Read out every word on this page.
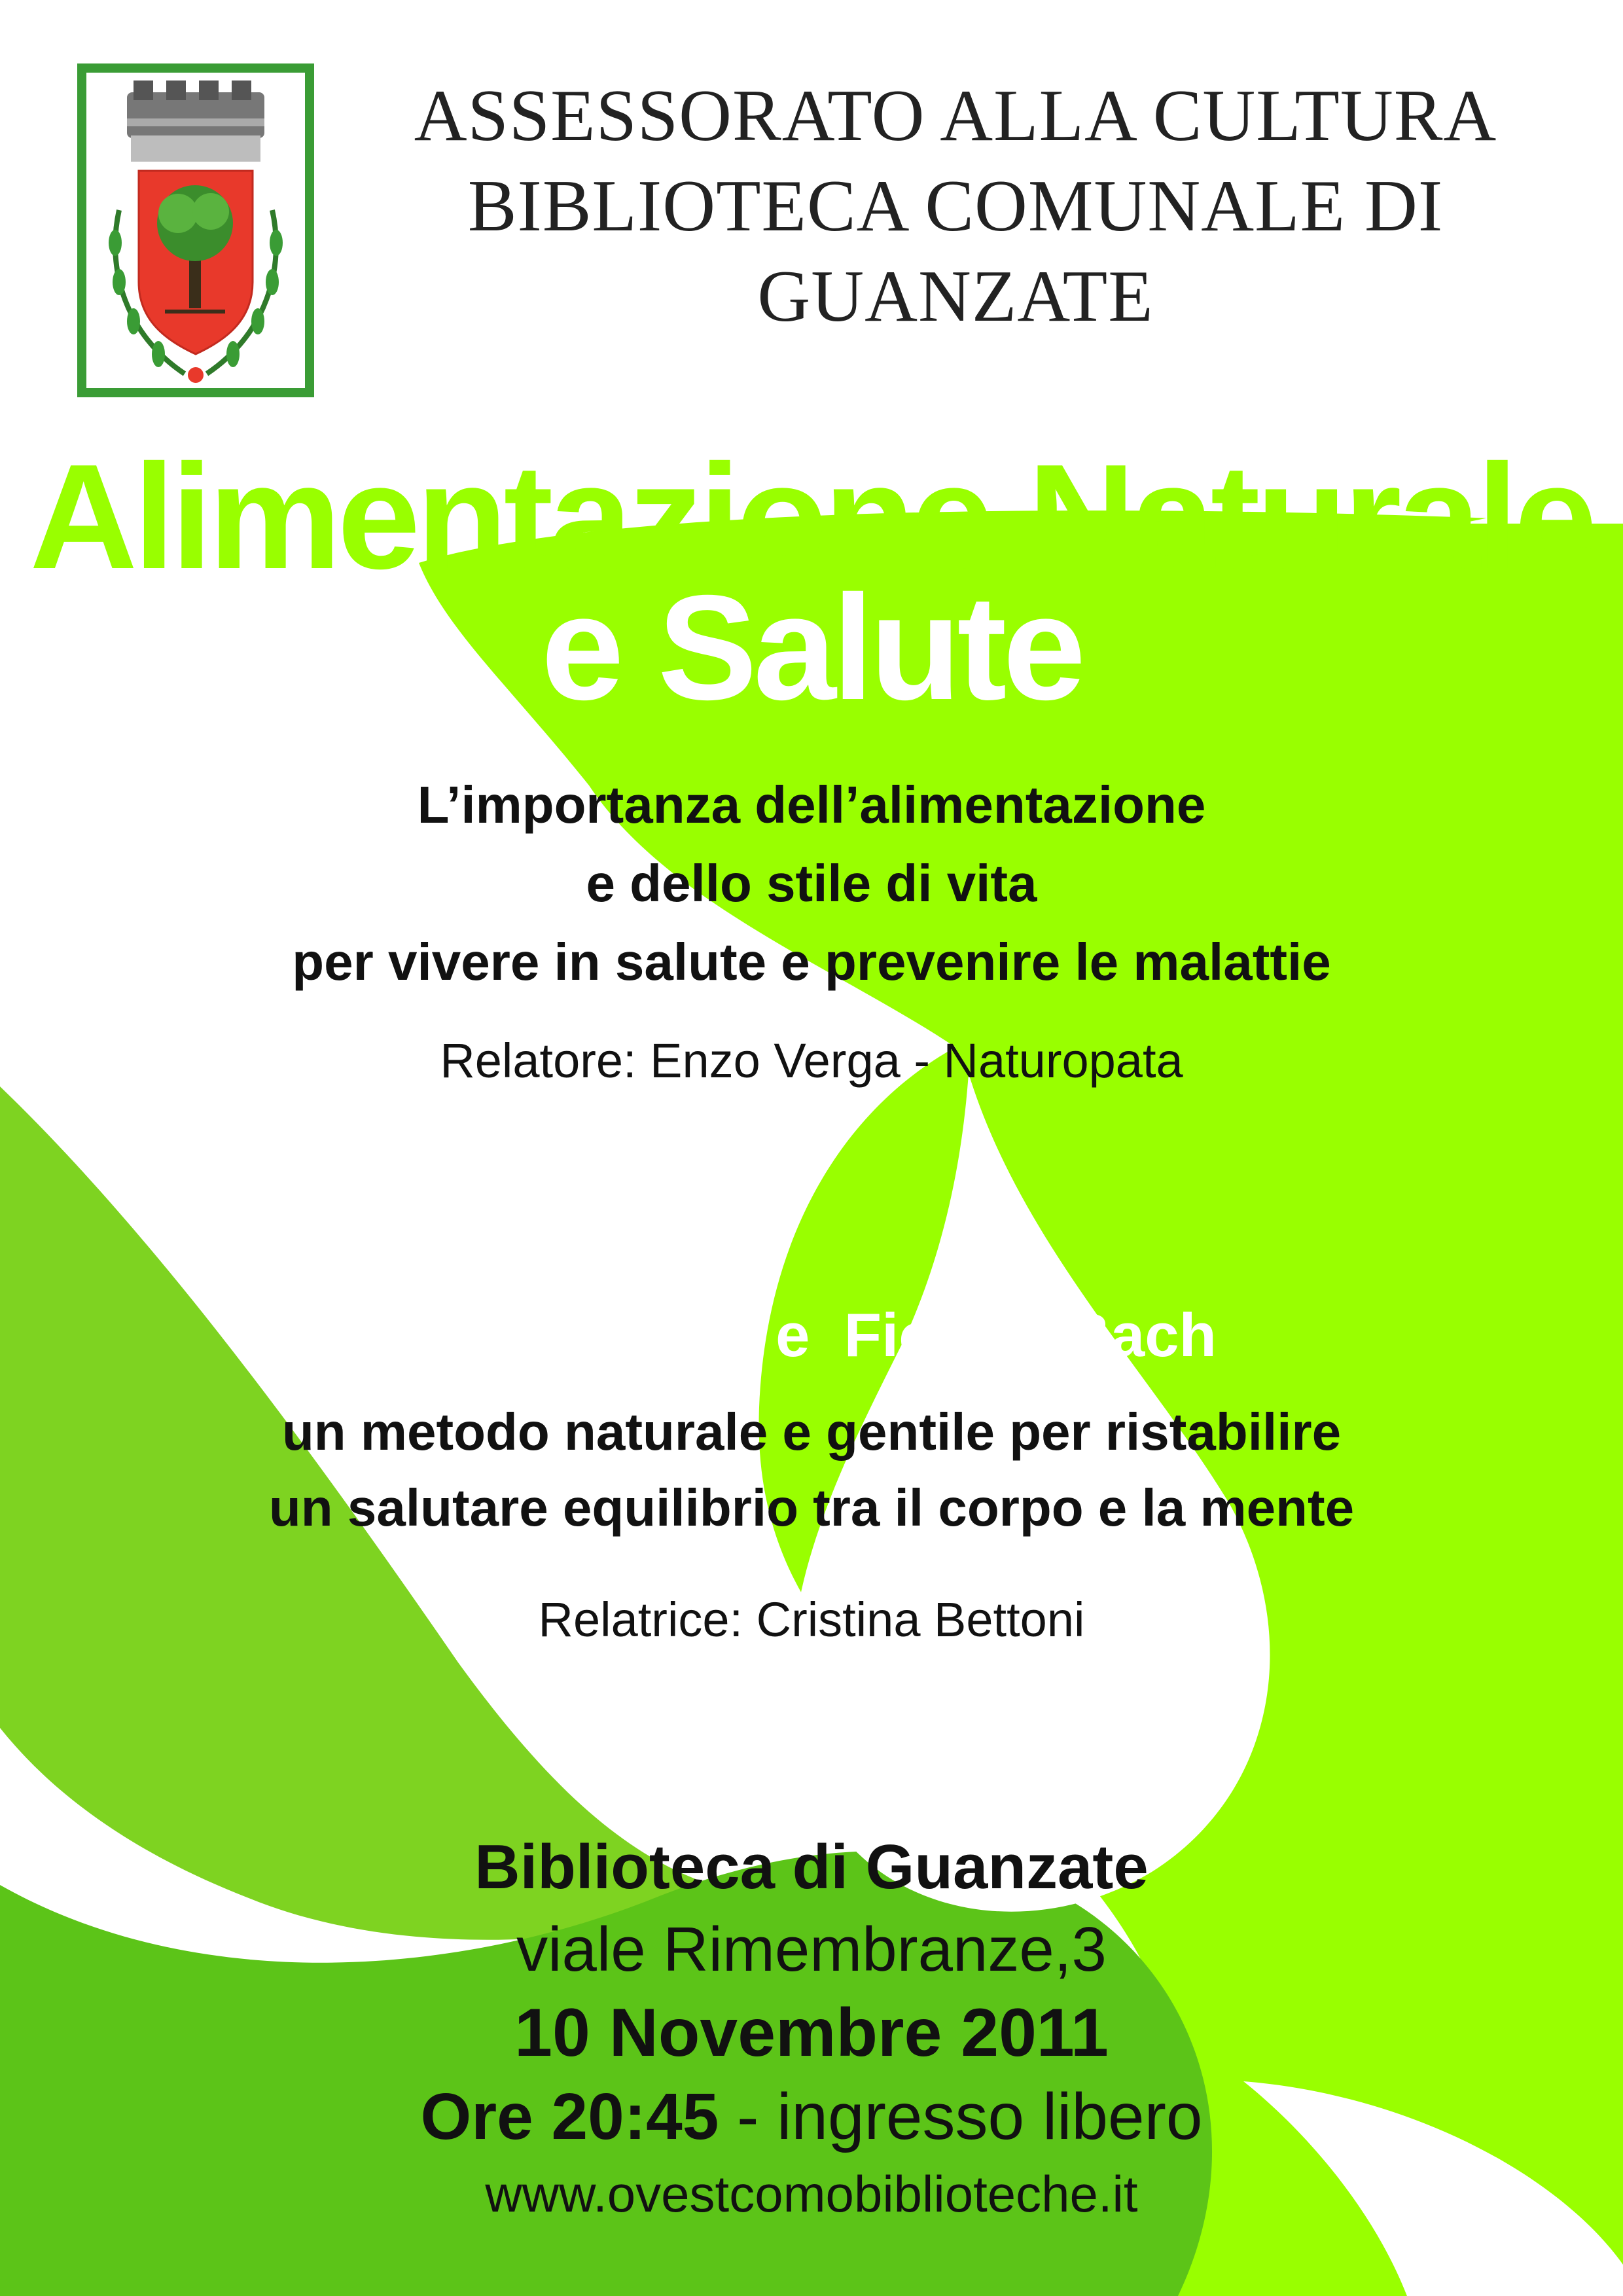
ASSESSORATO ALLA CULTURA
BIBLIOTECA COMUNALE DI
GUANZATE
Alimentazione Naturale
e Salute
L’importanza dell’alimentazione
e dello stile di vita
per vivere in salute e prevenire le malattie
Relatore: Enzo Verga - Naturopata
Floriterapia  e  Fiori di Bach
un metodo naturale e gentile per ristabilire
un salutare equilibrio tra il corpo e la mente
Relatrice: Cristina Bettoni
Biblioteca di Guanzate
viale Rimembranze,3
10 Novembre 2011
Ore 20:45 - ingresso libero
www.ovestcomobiblioteche.it
